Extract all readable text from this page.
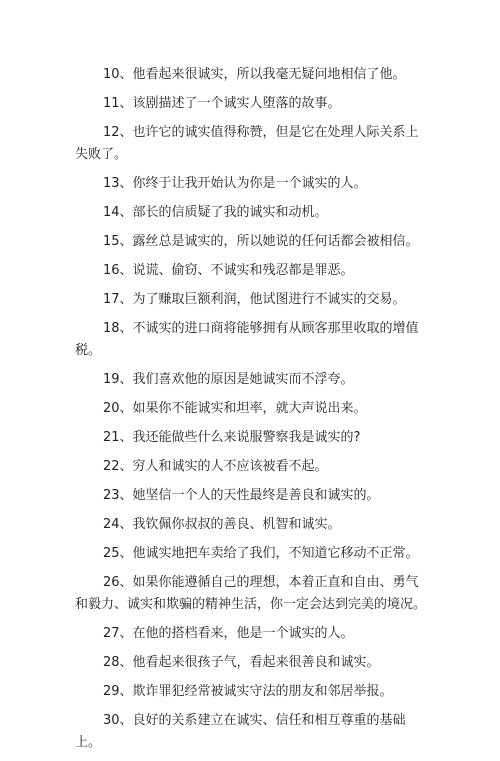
10、他看起来很诚实，所以我毫无疑问地相信了他。

11、该剧描述了一个诚实人堕落的故事。

12、也许它的诚实值得称赞，但是它在处理人际关系上失败了。

13、你终于让我开始认为你是一个诚实的人。

14、部长的信质疑了我的诚实和动机。

15、露丝总是诚实的，所以她说的任何话都会被相信。

16、说谎、偷窃、不诚实和残忍都是罪恶。

17、为了赚取巨额利润，他试图进行不诚实的交易。

18、不诚实的进口商将能够拥有从顾客那里收取的增值税。

19、我们喜欢他的原因是她诚实而不浮夸。

20、如果你不能诚实和坦率，就大声说出来。

21、我还能做些什么来说服警察我是诚实的?

22、穷人和诚实的人不应该被看不起。

23、她坚信一个人的天性最终是善良和诚实的。

24、我钦佩你叔叔的善良、机智和诚实。

25、他诚实地把车卖给了我们，不知道它移动不正常。

26、如果你能遵循自己的理想，本着正直和自由、勇气和毅力、诚实和欺骗的精神生活，你一定会达到完美的境况。

27、在他的搭档看来，他是一个诚实的人。

28、他看起来很孩子气，看起来很善良和诚实。

29、欺诈罪犯经常被诚实守法的朋友和邻居举报。

30、良好的关系建立在诚实、信任和相互尊重的基础上。
